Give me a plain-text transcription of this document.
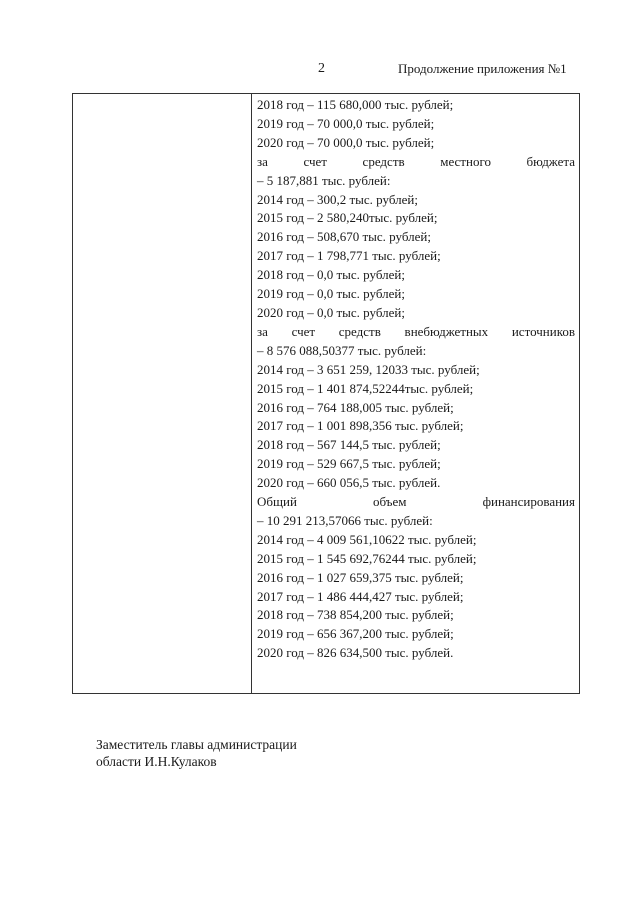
2	Продолжение приложения №1
2018 год – 115 680,000 тыс. рублей;
2019 год – 70 000,0 тыс. рублей;
2020 год – 70 000,0 тыс. рублей;
за счет средств местного бюджета
– 5 187,881 тыс. рублей:
2014 год – 300,2 тыс. рублей;
2015 год – 2 580,240тыс. рублей;
2016 год – 508,670 тыс. рублей;
2017 год – 1 798,771 тыс. рублей;
2018 год – 0,0 тыс. рублей;
2019 год – 0,0 тыс. рублей;
2020 год – 0,0 тыс. рублей;
за счет средств внебюджетных источников
– 8 576 088,50377 тыс. рублей:
2014 год – 3 651 259, 12033 тыс. рублей;
2015 год – 1 401 874,52244тыс. рублей;
2016 год – 764 188,005 тыс. рублей;
2017 год – 1 001 898,356 тыс. рублей;
2018 год – 567 144,5 тыс. рублей;
2019 год – 529 667,5 тыс. рублей;
2020 год – 660 056,5 тыс. рублей.
Общий объем финансирования
– 10 291 213,57066 тыс. рублей:
2014 год – 4 009 561,10622 тыс. рублей;
2015 год – 1 545 692,76244 тыс. рублей;
2016 год – 1 027 659,375 тыс. рублей;
2017 год – 1 486 444,427 тыс. рублей;
2018 год – 738 854,200 тыс. рублей;
2019 год – 656 367,200 тыс. рублей;
2020 год – 826 634,500 тыс. рублей.
Заместитель главы администрации
области И.Н.Кулаков
